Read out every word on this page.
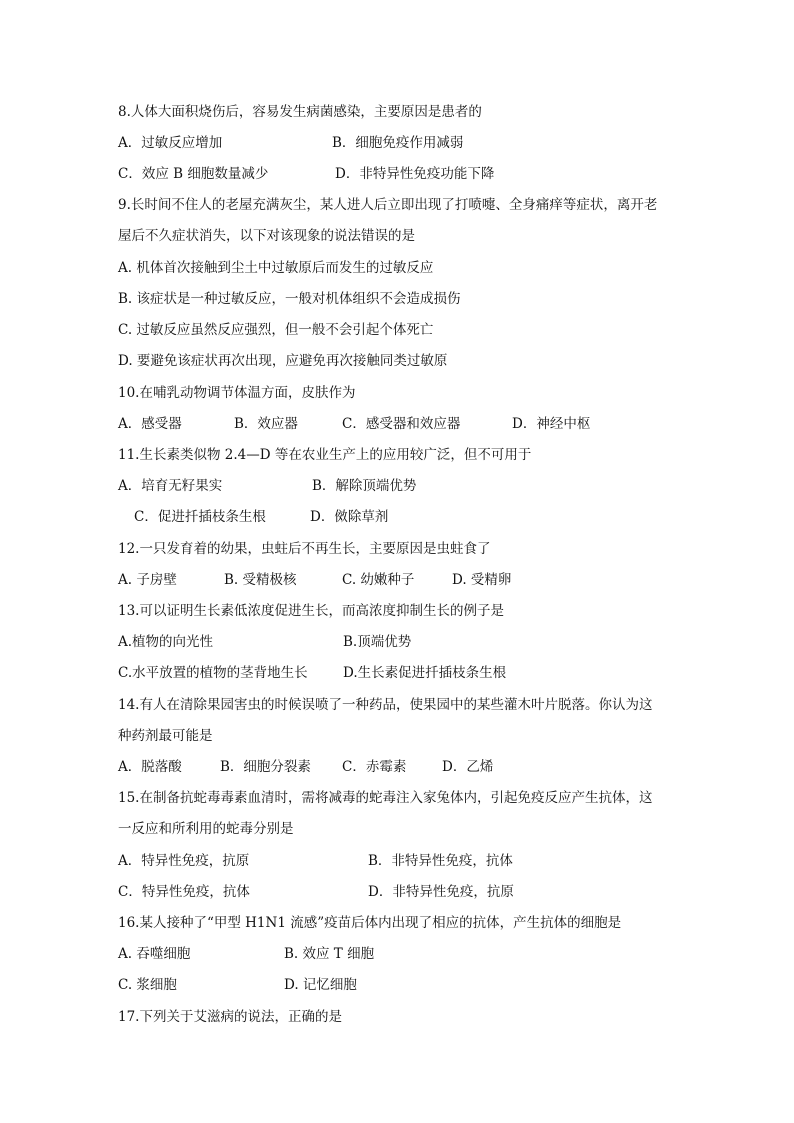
8.人体大面积烧伤后，容易发生病菌感染，主要原因是患者的
A．过敏反应增加	B．细胞免疫作用减弱
C．效应 B 细胞数量减少	D．非特异性免疫功能下降
9.长时间不住人的老屋充满灰尘，某人进人后立即出现了打喷嚏、全身痛痒等症状，离开老
屋后不久症状消失，以下对该现象的说法错误的是
A. 机体首次接触到尘土中过敏原后而发生的过敏反应
B. 该症状是一种过敏反应，一般对机体组织不会造成损伤
C. 过敏反应虽然反应强烈，但一般不会引起个体死亡
D. 要避免该症状再次出现，应避免再次接触同类过敏原
10.在哺乳动物调节体温方面，皮肤作为
A．感受器	B．效应器	C．感受器和效应器	D．神经中枢
11.生长素类似物 2.4—D 等在农业生产上的应用较广泛，但不可用于
A．培育无籽果实	B．解除顶端优势
C．促进扦插枝条生根	D．傚除草剂
12.一只发育着的幼果，虫蛀后不再生长，主要原因是虫蛀食了
A. 子房壁	B. 受精极核	C. 幼嫩种子	D. 受精卵
13.可以证明生长素低浓度促进生长，而高浓度抑制生长的例子是
A.植物的向光性	B.顶端优势
C.水平放置的植物的茎背地生长	D.生长素促进扦插枝条生根
14.有人在清除果园害虫的时候误喷了一种药品，使果园中的某些灌木叶片脱落。你认为这
种药剂最可能是
A．脱落酸	B．细胞分裂素 C．赤霉素	D．乙烯
15.在制备抗蛇毒毒素血清时，需将减毒的蛇毒注入家兔体内，引起免疫反应产生抗体，这
一反应和所利用的蛇毒分别是
A．特异性免疫，抗原	B．非特异性免疫，抗体
C．特异性免疫，抗体	D．非特异性免疫，抗原
16.某人接种了“甲型 H1N1 流感”疫苗后体内出现了相应的抗体，产生抗体的细胞是
A. 吞噬细胞	B. 效应 T 细胞
C. 浆细胞	D. 记忆细胞
17.下列关于艾滋病的说法，正确的是
